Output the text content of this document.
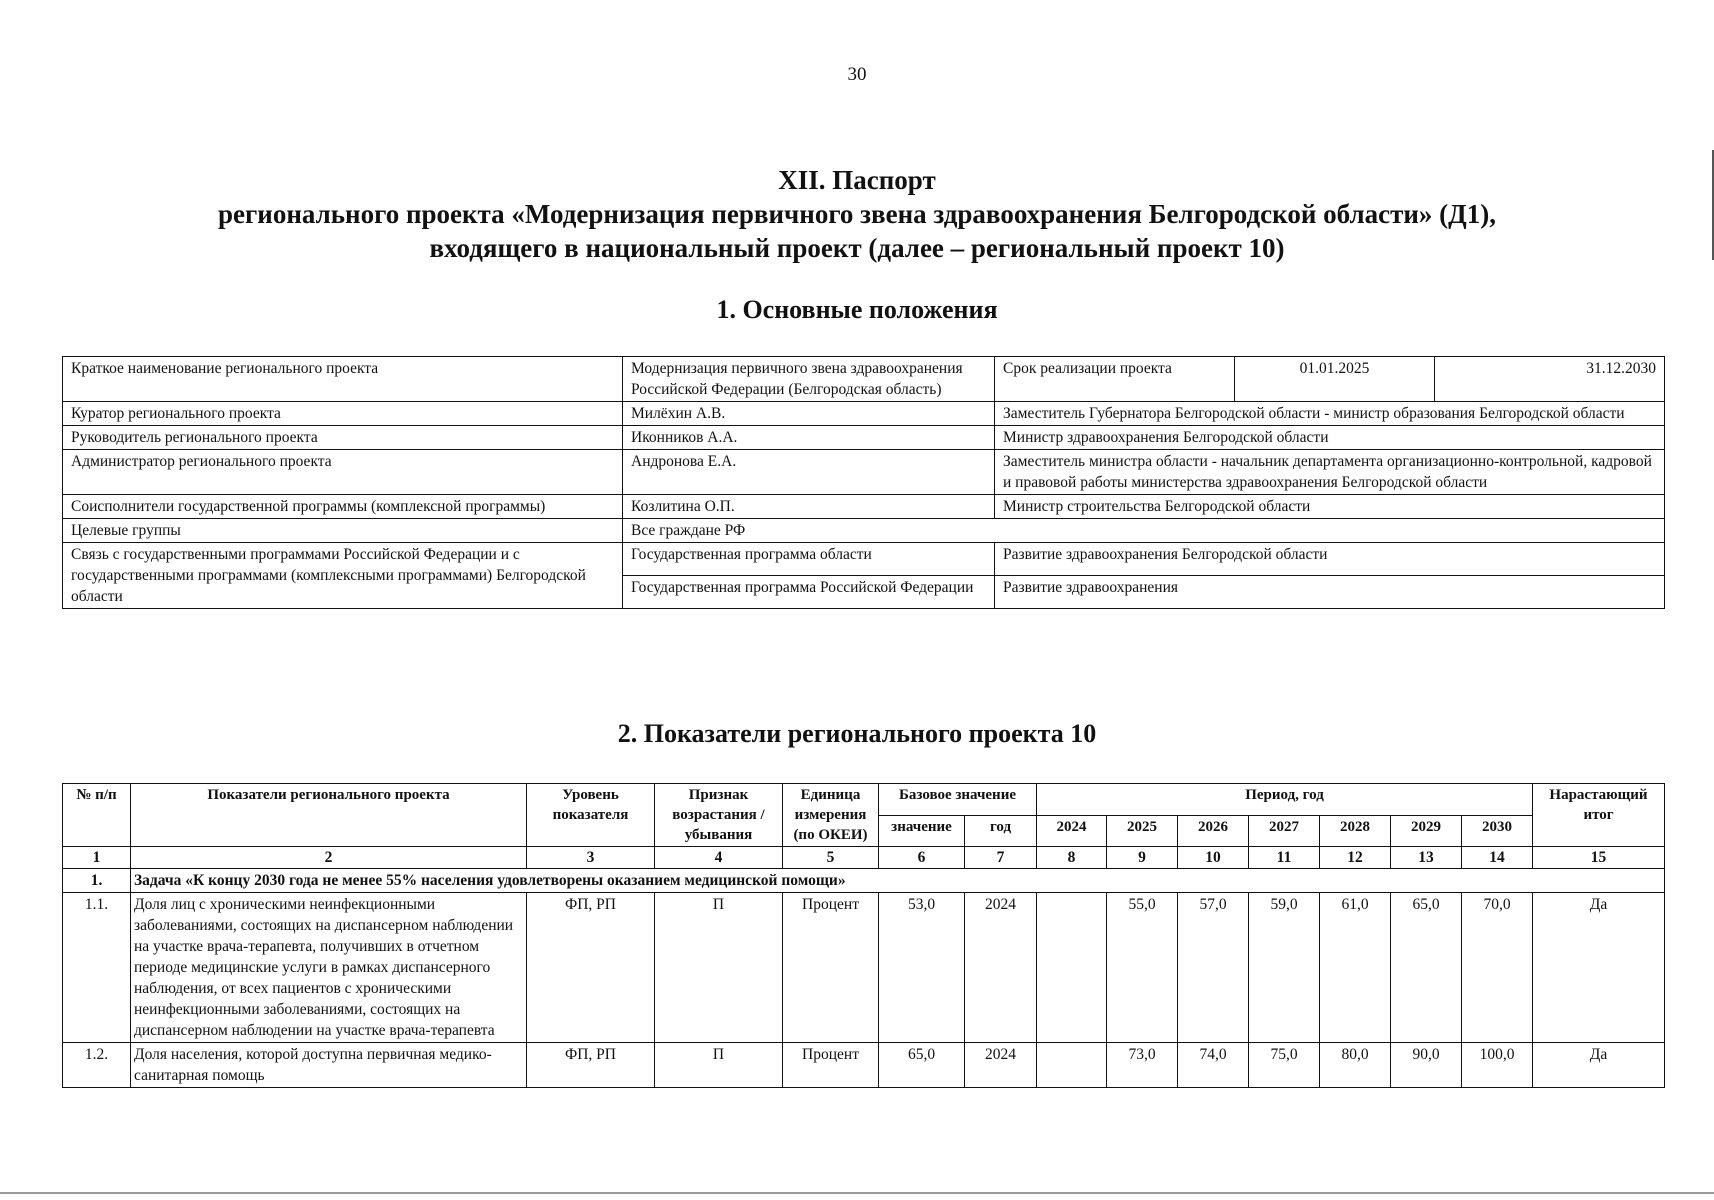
30
XII. Паспорт
регионального проекта «Модернизация первичного звена здравоохранения Белгородской области» (Д1),
входящего в национальный проект (далее – региональный проект 10)
1. Основные положения
Краткое наименование регионального проекта	Модернизация первичного звена здравоохранения Российской Федерации (Белгородская область)	Срок реализации проекта	01.01.2025	31.12.2030
Куратор регионального проекта	Милёхин А.В.	Заместитель Губернатора Белгородской области - министр образования Белгородской области		
Руководитель регионального проекта	Иконников А.А.	Министр здравоохранения Белгородской области		
Администратор регионального проекта	Андронова Е.А.	Заместитель министра области - начальник департамента организационно-контрольной, кадровой и правовой работы министерства здравоохранения Белгородской области		
Соисполнители государственной программы (комплексной программы)	Козлитина О.П.	Министр строительства Белгородской области		
Целевые группы	Все граждане РФ			
Связь с государственными программами Российской Федерации и с государственными программами (комплексными программами) Белгородской области	Государственная программа области	Развитие здравоохранения Белгородской области		
	Государственная программа Российской Федерации	Развитие здравоохранения		
2. Показатели регионального проекта 10
№ п/п	Показатели регионального проекта	Уровень показателя	Признак возрастания / убывания	Единица измерения (по ОКЕИ)	Базовое значение		Период, год							Нарастающий итог
					значение	год	2024	2025	2026	2027	2028	2029	2030	
1	2	3	4	5	6	7	8	9	10	11	12	13	14	15
1.	Задача «К концу 2030 года не менее 55% населения удовлетворены оказанием медицинской помощи»													
1.1.	Доля лиц с хроническими неинфекционными заболеваниями, состоящих на диспансерном наблюдении на участке врача-терапевта, получивших в отчетном периоде медицинские услуги в рамках диспансерного наблюдения, от всех пациентов с хроническими неинфекционными заболеваниями, состоящих на диспансерном наблюдении на участке врача-терапевта	ФП, РП	П	Процент	53,0	2024		55,0	57,0	59,0	61,0	65,0	70,0	Да
1.2.	Доля населения, которой доступна первичная медико-санитарная помощь	ФП, РП	П	Процент	65,0	2024		73,0	74,0	75,0	80,0	90,0	100,0	Да
